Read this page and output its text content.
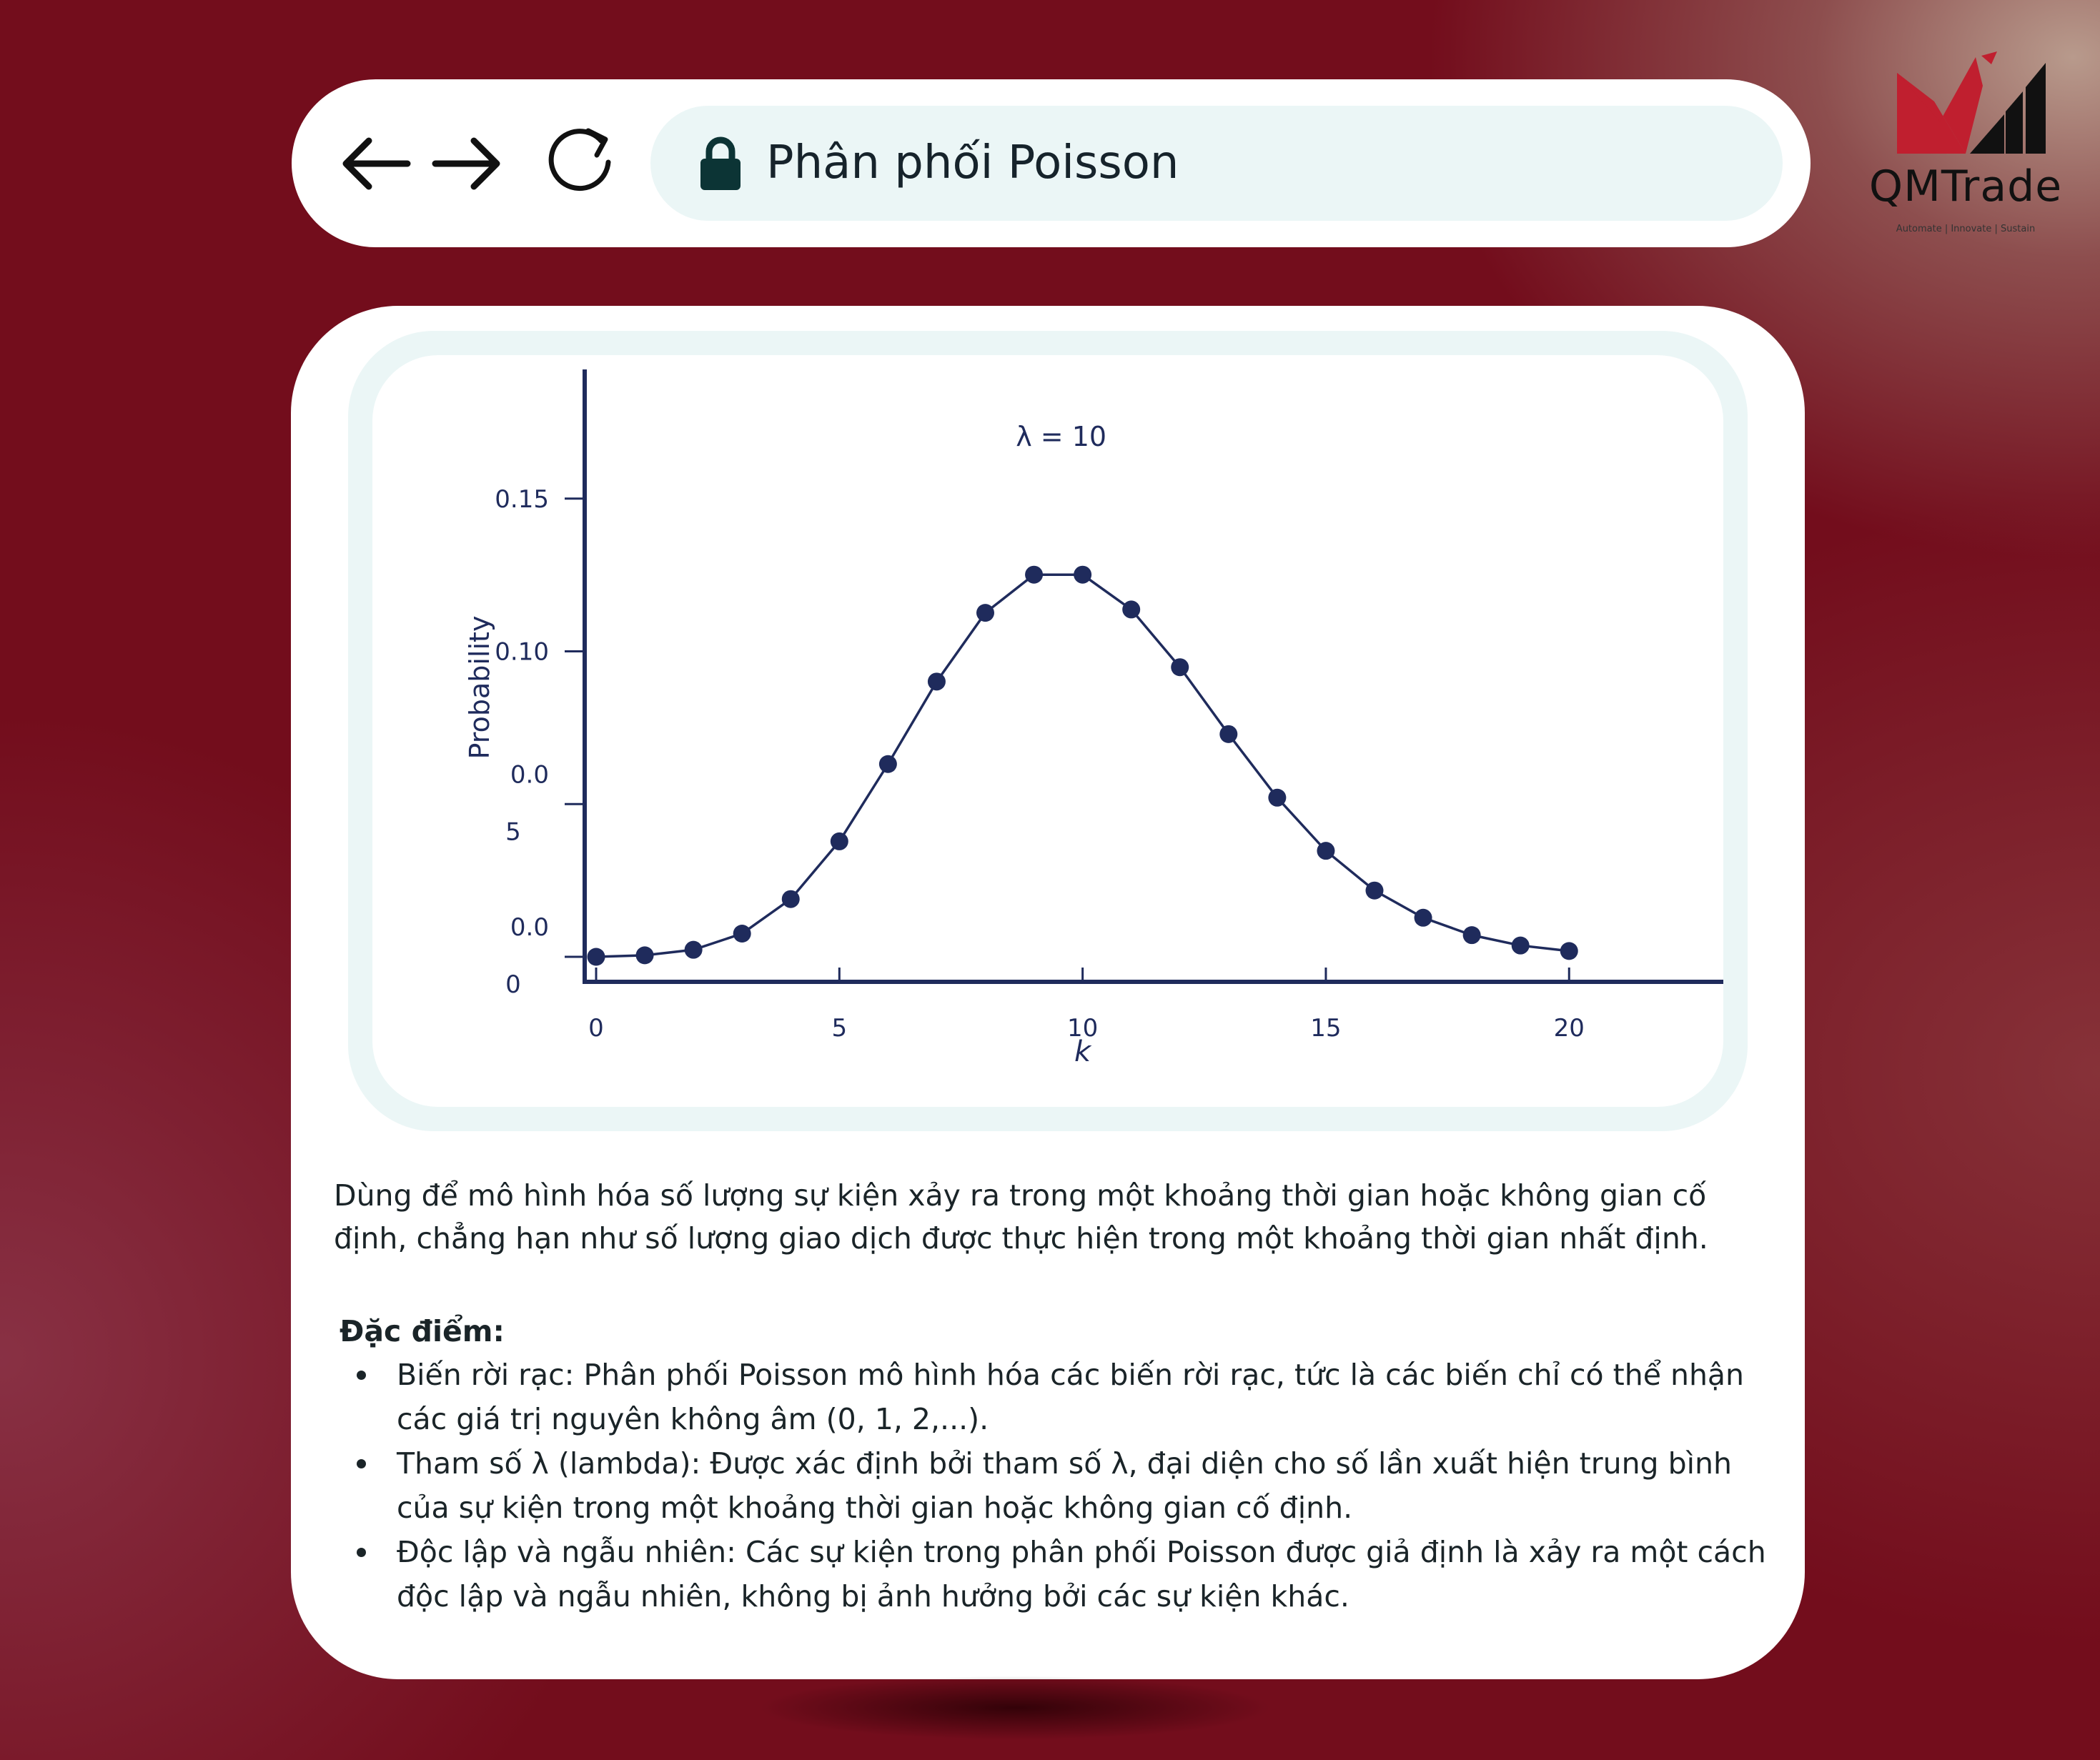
Phân phối Poisson	QMTrade
Automate | Innovate | Sustain
0.0
0
0.0
5
0.10
0.15
0	5	10	15	20
λ = 10
k
Probability
Dùng để mô hình hóa số lượng sự kiện xảy ra trong một khoảng thời gian hoặc không gian cố định, chẳng hạn như số lượng giao dịch được thực hiện trong một khoảng thời gian nhất định.
Đặc điểm:
Biến rời rạc: Phân phối Poisson mô hình hóa các biến rời rạc, tức là các biến chỉ có thể nhận các giá trị nguyên không âm (0, 1, 2,...).
Tham số λ (lambda): Được xác định bởi tham số λ, đại diện cho số lần xuất hiện trung bình của sự kiện trong một khoảng thời gian hoặc không gian cố định.
Độc lập và ngẫu nhiên: Các sự kiện trong phân phối Poisson được giả định là xảy ra một cách độc lập và ngẫu nhiên, không bị ảnh hưởng bởi các sự kiện khác.
